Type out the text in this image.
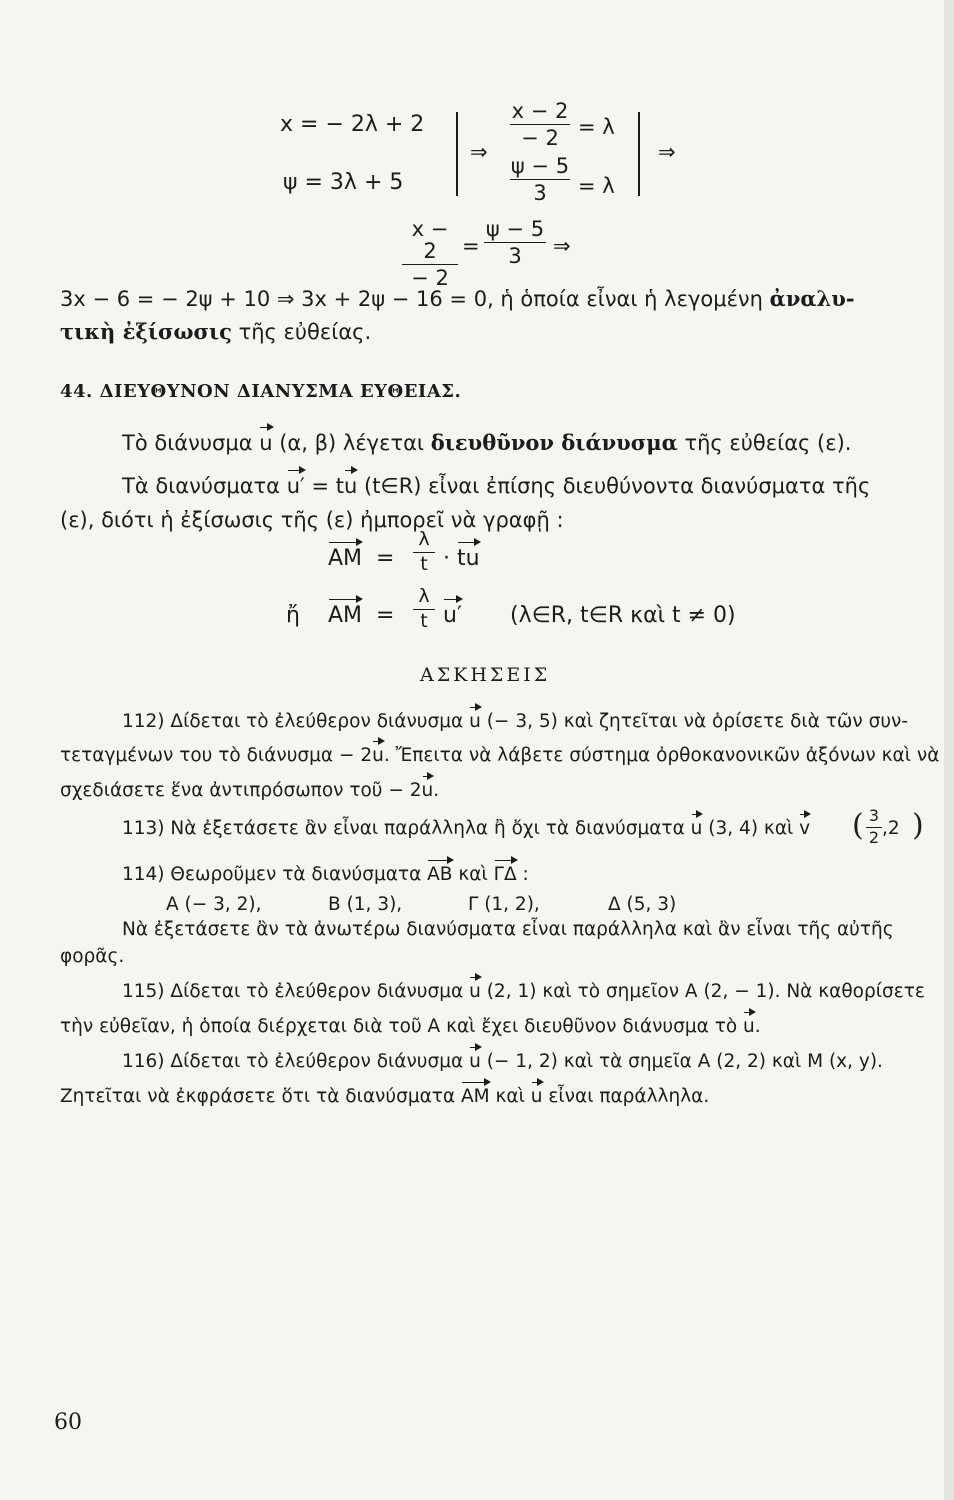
x = − 2λ + 2
ψ = 3λ + 5
⇒
x − 2
− 2 = λ
ψ − 5
3	= λ
⇒
x − 2
− 2
=
ψ − 5
3	⇒
3x − 6 = − 2ψ + 10 ⇒ 3x + 2ψ − 16 = 0, ἡ ὁποία εἶναι ἡ λεγομένη ἀναλυ-
τικὴ ἐξίσωσις τῆς εὐθείας.
44. ΔΙΕΥΘΥΝΟΝ ΔΙΑΝΥΣΜΑ ΕΥΘΕΙΑΣ.
Τὸ διάνυσμα u (α, β) λέγεται διευθῦνον διάνυσμα τῆς εὐθείας (ε).
Τὰ διανύσματα u′ = tu (t∈R) εἶναι ἐπίσης διευθύνοντα διανύσματα τῆς
(ε), διότι ἡ ἐξίσωσις τῆς (ε) ἠμπορεῖ νὰ γραφῇ :
AM =
λ
t · tu
ἤ AM =
λ
t u′ (λ∈R, t∈R καὶ t ≠ 0)
ΑΣΚΗΣΕΙΣ
112) Δίδεται τὸ ἐλεύθερον διάνυσμα u (− 3, 5) καὶ ζητεῖται νὰ ὁρίσετε διὰ τῶν συν-
τεταγμένων του τὸ διάνυσμα − 2u. Ἔπειτα νὰ λάβετε σύστημα ὀρθοκανονικῶν ἀξόνων καὶ νὰ
σχεδιάσετε ἕνα ἀντιπρόσωπον τοῦ − 2u.
113) Νὰ ἐξετάσετε ἂν εἶναι παράλληλα ἢ ὄχι τὰ διανύσματα u (3, 4) καὶ v ( 3
2 ,2 )
114) Θεωροῦμεν τὰ διανύσματα AB καὶ ΓΔ :
A (− 3, 2),	B (1, 3),	Γ (1, 2),	Δ (5, 3)
Νὰ ἐξετάσετε ἂν τὰ ἀνωτέρω διανύσματα εἶναι παράλληλα καὶ ἂν εἶναι τῆς αὐτῆς
φορᾶς.
115) Δίδεται τὸ ἐλεύθερον διάνυσμα u (2, 1) καὶ τὸ σημεῖον A (2, − 1). Νὰ καθορίσετε
τὴν εὐθεῖαν, ἡ ὁποία διέρχεται διὰ τοῦ A καὶ ἔχει διευθῦνον διάνυσμα τὸ u.
116) Δίδεται τὸ ἐλεύθερον διάνυσμα u (− 1, 2) καὶ τὰ σημεῖα A (2, 2) καὶ M (x, y).
Ζητεῖται νὰ ἐκφράσετε ὅτι τὰ διανύσματα AM καὶ u εἶναι παράλληλα.
60
